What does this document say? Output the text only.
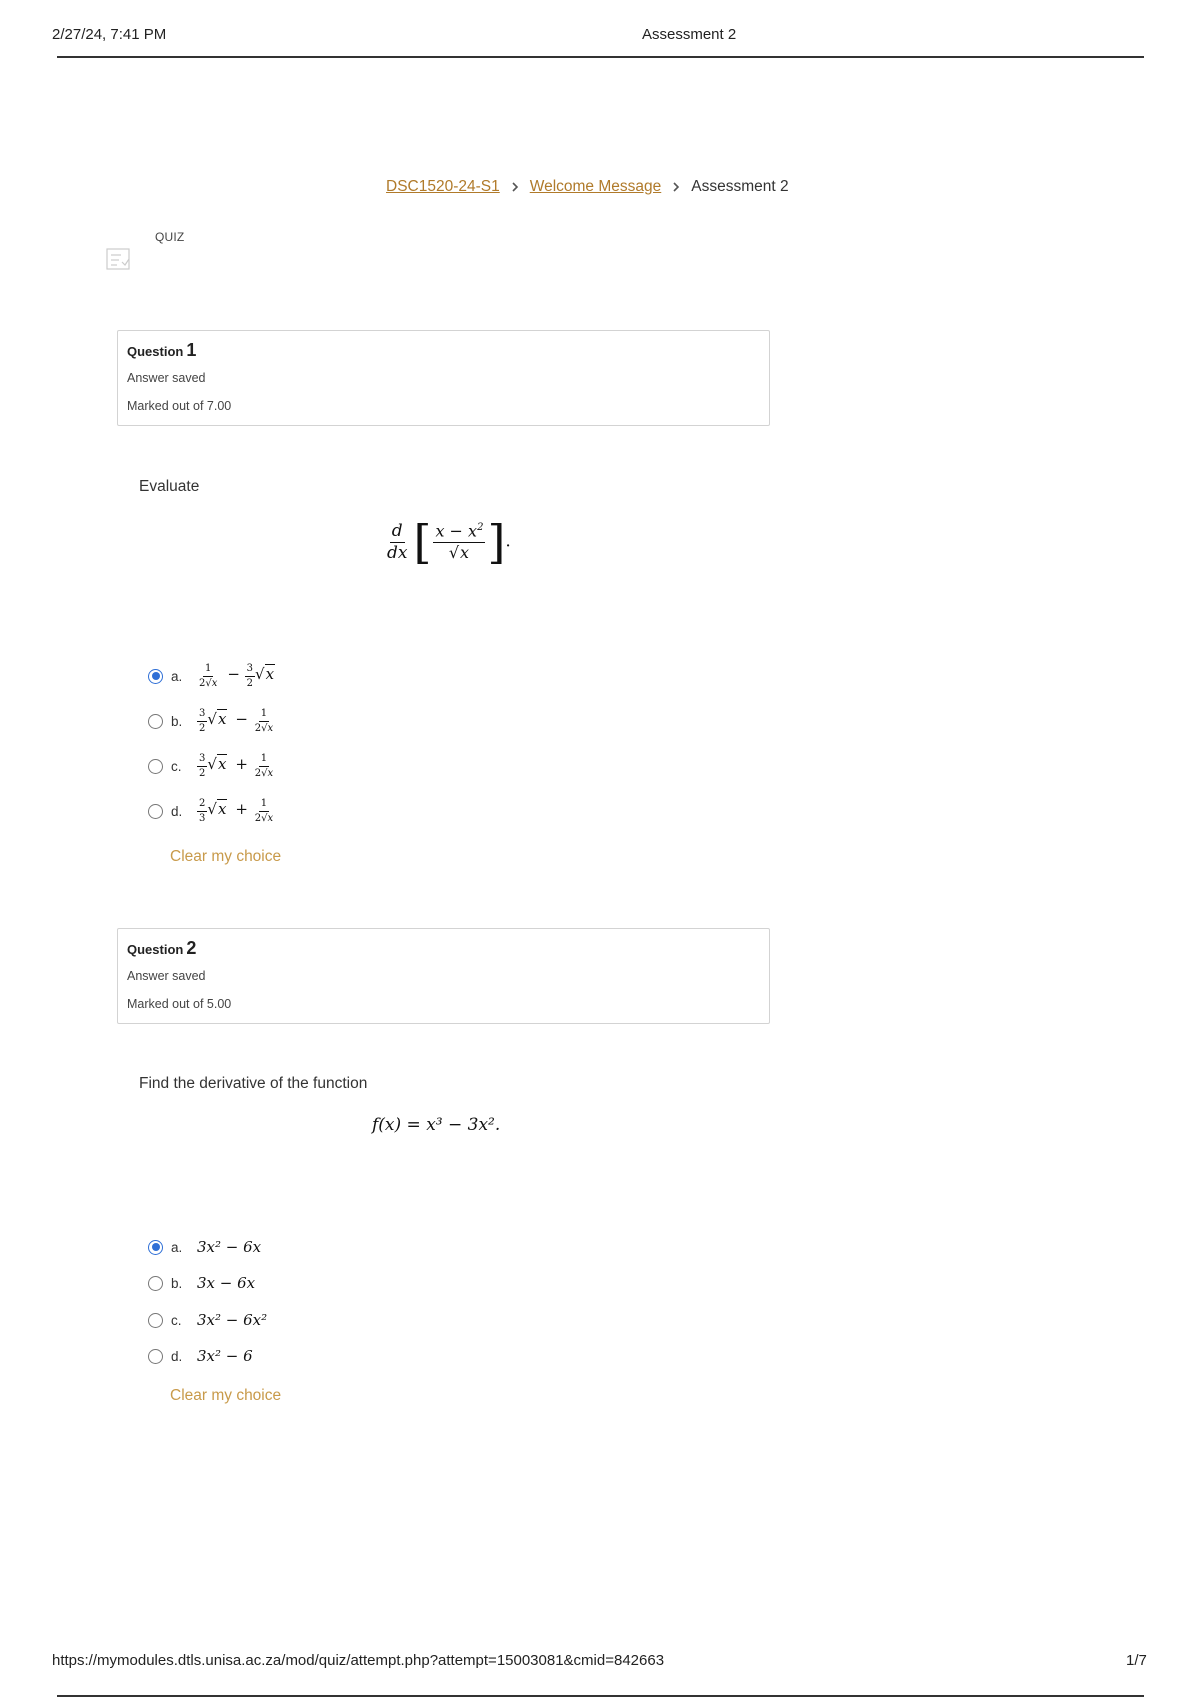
2/27/24, 7:41 PM	Assessment 2
DSC1520-24-S1 Welcome Message Assessment 2
QUIZ
Question 1
Answer saved
Marked out of 7.00
Evaluate
$\frac{d}{dx}$ [ $\frac{x - x^2}{√x}$ ].
a.	$\frac{1}{2√x} - \frac{3}{2} √x$
b.	$\frac{3}{2} √x - \frac{1}{2√x}$
c.	$\frac{3}{2} √x + \frac{1}{2√x}$
d.	$\frac{2}{3} √x + \frac{1}{2√x}$
Clear my choice
Question 2
Answer saved
Marked out of 5.00
Find the derivative of the function
f(x) = x³ − 3x².
a. 3x² − 6x
b. 3x − 6x
c.	3x² − 6x²
d. 3x² − 6
Clear my choice
https://mymodules.dtls.unisa.ac.za/mod/quiz/attempt.php?attempt=15003081&cmid=842663	1/7
